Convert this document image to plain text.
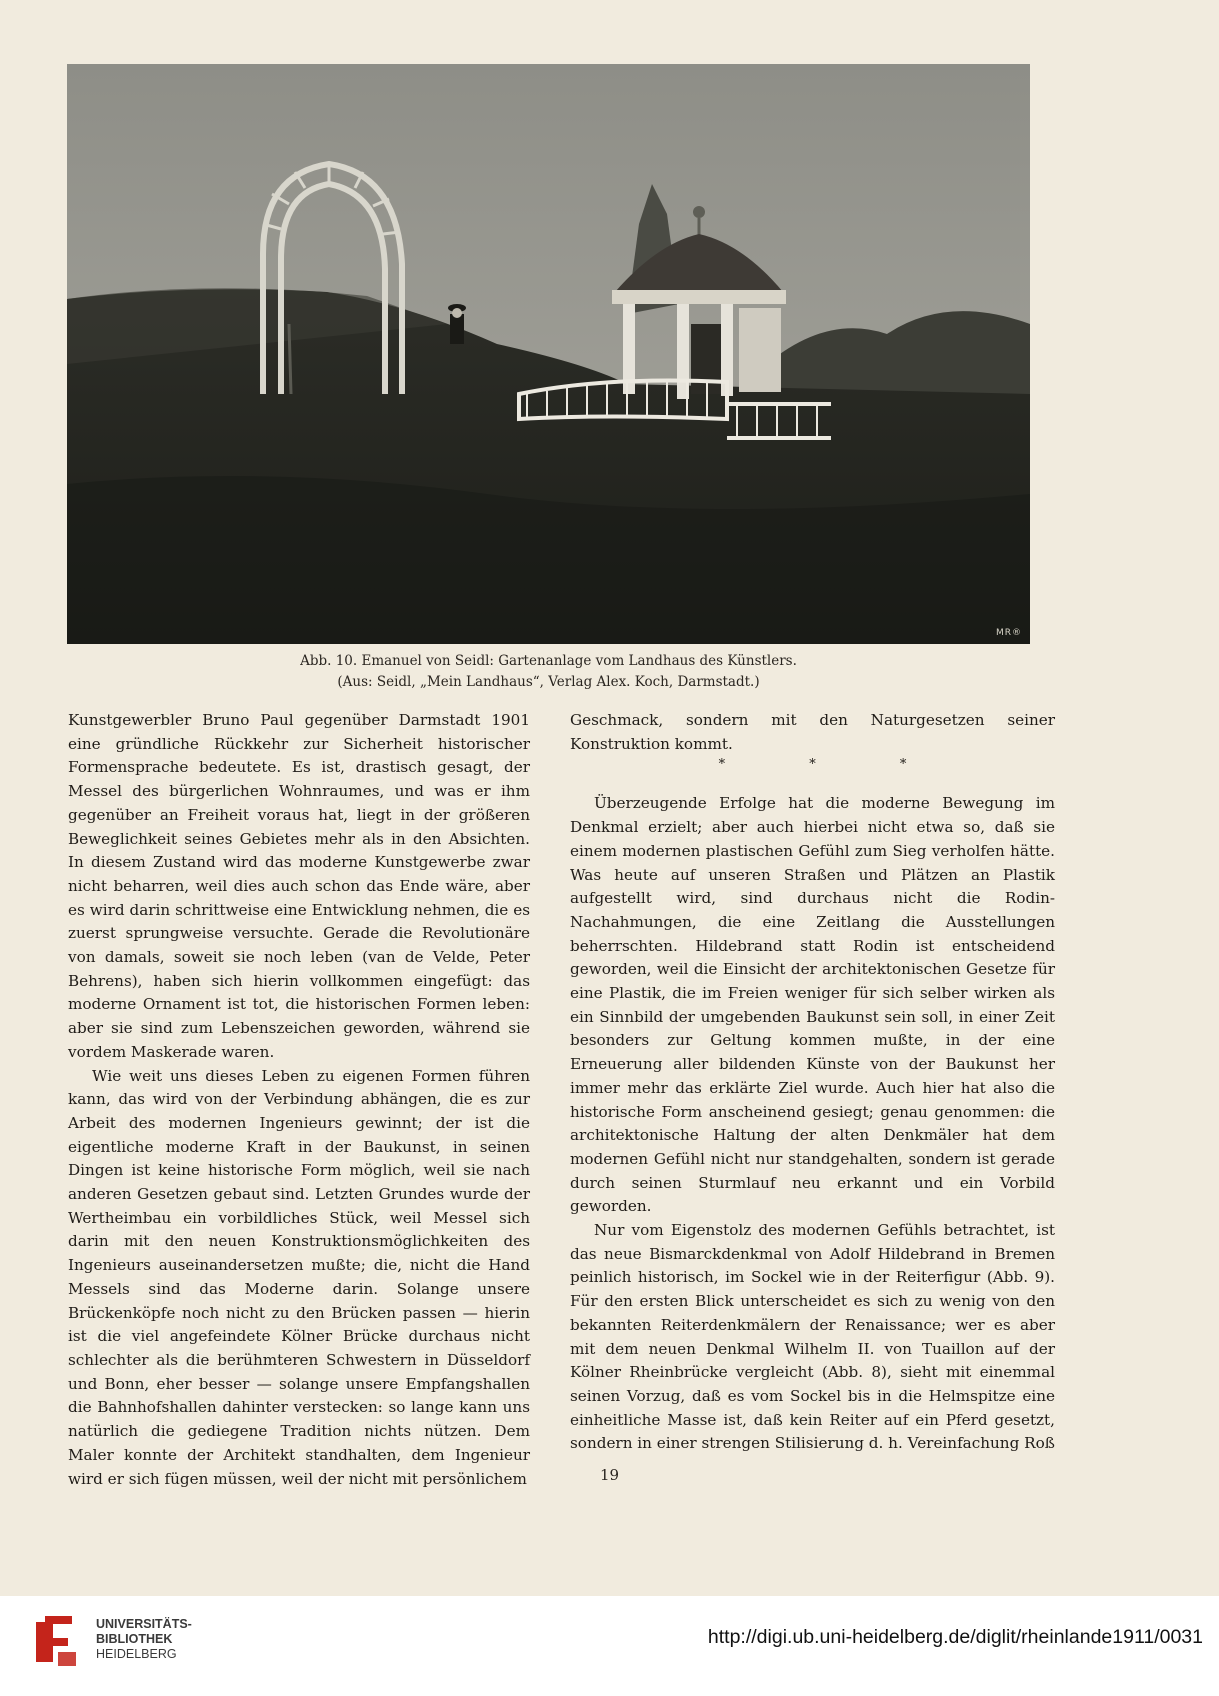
MR®
Abb. 10. Emanuel von Seidl: Gartenanlage vom Landhaus des Künstlers.
(Aus: Seidl, „Mein Landhaus“, Verlag Alex. Koch, Darmstadt.)

Kunstgewerbler Bruno Paul gegenüber Darmstadt 1901 eine gründliche Rückkehr zur Sicherheit historischer Formensprache bedeutete. Es ist, drastisch gesagt, der Messel des bürgerlichen Wohnraumes, und was er ihm gegenüber an Freiheit voraus hat, liegt in der größeren Beweglichkeit seines Gebietes mehr als in den Absichten. In diesem Zustand wird das moderne Kunstgewerbe zwar nicht beharren, weil dies auch schon das Ende wäre, aber es wird darin schrittweise eine Entwicklung nehmen, die es zuerst sprungweise versuchte. Gerade die Revolutionäre von damals, soweit sie noch leben (van de Velde, Peter Behrens), haben sich hierin vollkommen eingefügt: das moderne Ornament ist tot, die historischen Formen leben: aber sie sind zum Lebenszeichen geworden, während sie vordem Maskerade waren.

Wie weit uns dieses Leben zu eigenen Formen führen kann, das wird von der Verbindung abhängen, die es zur Arbeit des modernen Ingenieurs gewinnt; der ist die eigentliche moderne Kraft in der Baukunst, in seinen Dingen ist keine historische Form möglich, weil sie nach anderen Gesetzen gebaut sind. Letzten Grundes wurde der Wertheimbau ein vorbildliches Stück, weil Messel sich darin mit den neuen Konstruktionsmöglichkeiten des Ingenieurs auseinandersetzen mußte; die, nicht die Hand Messels sind das Moderne darin. Solange unsere Brückenköpfe noch nicht zu den Brücken passen — hierin ist die viel angefeindete Kölner Brücke durchaus nicht schlechter als die berühmteren Schwestern in Düsseldorf und Bonn, eher besser — solange unsere Empfangshallen die Bahnhofshallen dahinter verstecken: so lange kann uns natürlich die gediegene Tradition nichts nützen. Dem Maler konnte der Architekt standhalten, dem Ingenieur wird er sich fügen müssen, weil der nicht mit persönlichem

Geschmack, sondern mit den Naturgesetzen seiner Konstruktion kommt.

* * *

Überzeugende Erfolge hat die moderne Bewegung im Denkmal erzielt; aber auch hierbei nicht etwa so, daß sie einem modernen plastischen Gefühl zum Sieg verholfen hätte. Was heute auf unseren Straßen und Plätzen an Plastik aufgestellt wird, sind durchaus nicht die Rodin-Nachahmungen, die eine Zeitlang die Ausstellungen beherrschten. Hildebrand statt Rodin ist entscheidend geworden, weil die Einsicht der architektonischen Gesetze für eine Plastik, die im Freien weniger für sich selber wirken als ein Sinnbild der umgebenden Baukunst sein soll, in einer Zeit besonders zur Geltung kommen mußte, in der eine Erneuerung aller bildenden Künste von der Baukunst her immer mehr das erklärte Ziel wurde. Auch hier hat also die historische Form anscheinend gesiegt; genau genommen: die architektonische Haltung der alten Denkmäler hat dem modernen Gefühl nicht nur standgehalten, sondern ist gerade durch seinen Sturmlauf neu erkannt und ein Vorbild geworden.

Nur vom Eigenstolz des modernen Gefühls betrachtet, ist das neue Bismarckdenkmal von Adolf Hildebrand in Bremen peinlich historisch, im Sockel wie in der Reiterfigur (Abb. 9). Für den ersten Blick unterscheidet es sich zu wenig von den bekannten Reiterdenkmälern der Renaissance; wer es aber mit dem neuen Denkmal Wilhelm II. von Tuaillon auf der Kölner Rheinbrücke vergleicht (Abb. 8), sieht mit einemmal seinen Vorzug, daß es vom Sockel bis in die Helmspitze eine einheitliche Masse ist, daß kein Reiter auf ein Pferd gesetzt, sondern in einer strengen Stilisierung d. h. Vereinfachung Roß

19
UNIVERSITÄTS-
BIBLIOTHEK
HEIDELBERG
http://digi.ub.uni-heidelberg.de/diglit/rheinlande1911/0031
